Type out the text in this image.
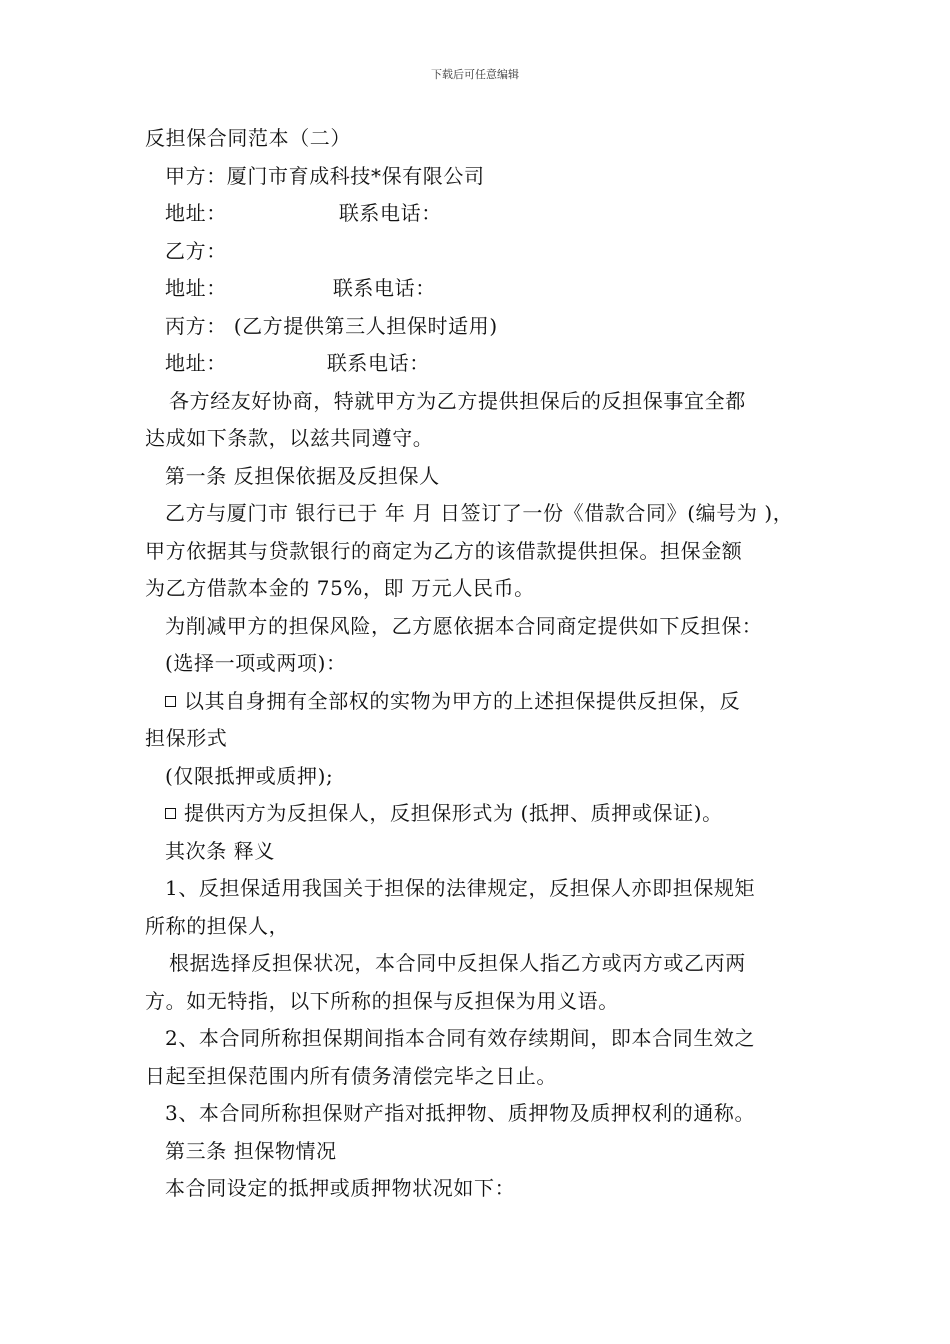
下载后可任意编辑
反担保合同范本（二）
甲方：厦门市育成科技*保有限公司
地址：	联系电话：
乙方：
地址：	联系电话：
丙方： (乙方提供第三人担保时适用)
地址：	联系电话：
各方经友好协商，特就甲方为乙方提供担保后的反担保事宜全都
达成如下条款，以兹共同遵守。
第一条 反担保依据及反担保人
乙方与厦门市 银行已于 年 月 日签订了一份《借款合同》(编号为 )，
甲方依据其与贷款银行的商定为乙方的该借款提供担保。担保金额
为乙方借款本金的 75%，即 万元人民币。
为削减甲方的担保风险，乙方愿依据本合同商定提供如下反担保：
(选择一项或两项)：
以其自身拥有全部权的实物为甲方的上述担保提供反担保，反
担保形式
(仅限抵押或质押);
提供丙方为反担保人，反担保形式为 (抵押、质押或保证)。
其次条 释义
1、反担保适用我国关于担保的法律规定，反担保人亦即担保规矩
所称的担保人，
根据选择反担保状况，本合同中反担保人指乙方或丙方或乙丙两
方。如无特指，以下所称的担保与反担保为用义语。
2、本合同所称担保期间指本合同有效存续期间，即本合同生效之
日起至担保范围内所有债务清偿完毕之日止。
3、本合同所称担保财产指对抵押物、质押物及质押权利的通称。
第三条 担保物情况
本合同设定的抵押或质押物状况如下：
